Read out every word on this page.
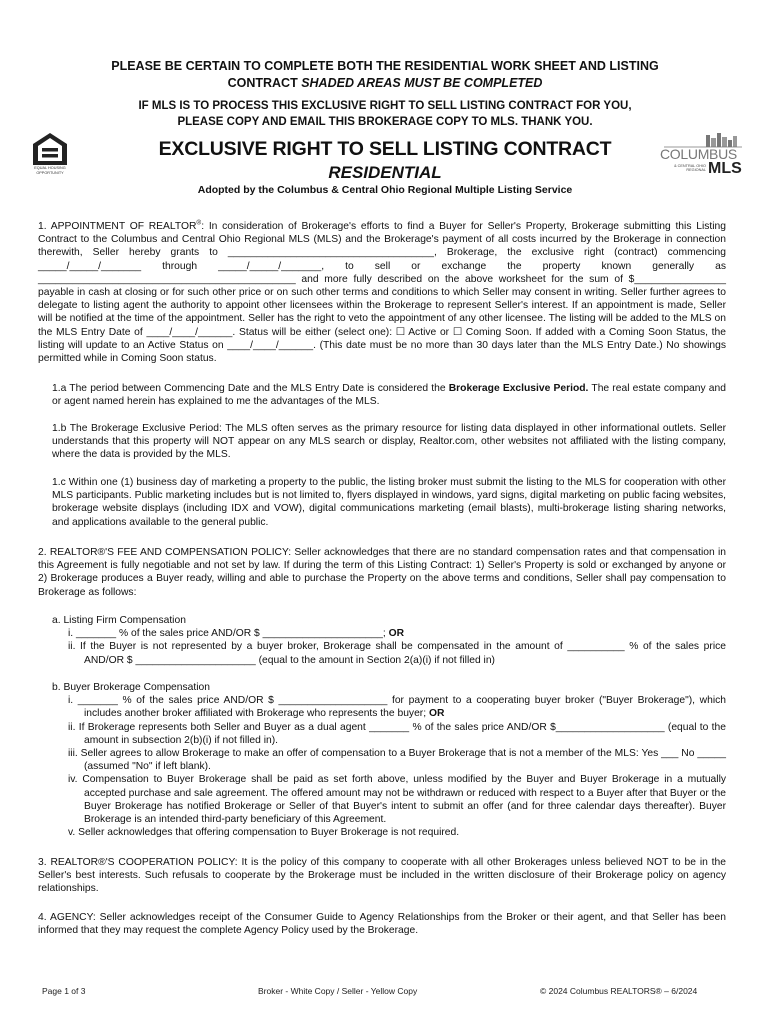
PLEASE BE CERTAIN TO COMPLETE BOTH THE RESIDENTIAL WORK SHEET AND LISTING
CONTRACT SHADED AREAS MUST BE COMPLETED
IF MLS IS TO PROCESS THIS EXCLUSIVE RIGHT TO SELL LISTING CONTRACT FOR YOU,
PLEASE COPY AND EMAIL THIS BROKERAGE COPY TO MLS. THANK YOU.
EQUAL HOUSING
OPPORTUNITY
EXCLUSIVE RIGHT TO SELL LISTING CONTRACT
RESIDENTIAL
COLUMBUS
& CENTRAL OHIO REGIONAL MLS
Adopted by the Columbus & Central Ohio Regional Multiple Listing Service

1. APPOINTMENT OF REALTOR®: In consideration of Brokerage's efforts to find a Buyer for Seller's Property, Brokerage submitting this Listing Contract to the Columbus and Central Ohio Regional MLS (MLS) and the Brokerage's payment of all costs incurred by the Brokerage in connection therewith, Seller hereby grants to ____________________________________, Brokerage, the exclusive right (contract) commencing _____/_____/_______ through _____/_____/_______, to sell or exchange the property known generally as _____________________________________________ and more fully described on the above worksheet for the sum of $________________ payable in cash at closing or for such other price or on such other terms and conditions to which Seller may consent in writing. Seller further agrees to delegate to listing agent the authority to appoint other licensees within the Brokerage to represent Seller's interest. If an appointment is made, Seller will be notified at the time of the appointment. Seller has the right to veto the appointment of any other licensee. The listing will be added to the MLS on the MLS Entry Date of ____/____/______. Status will be either (select one): ☐ Active or ☐ Coming Soon. If added with a Coming Soon Status, the listing will update to an Active Status on ____/____/______. (This date must be no more than 30 days later than the MLS Entry Date.) No showings permitted while in Coming Soon status.

1.a The period between Commencing Date and the MLS Entry Date is considered the Brokerage Exclusive Period. The real estate company and or agent named herein has explained to me the advantages of the MLS.

1.b The Brokerage Exclusive Period: The MLS often serves as the primary resource for listing data displayed in other informational outlets. Seller understands that this property will NOT appear on any MLS search or display, Realtor.com, other websites not affiliated with the listing company, where the data is provided by the MLS.

1.c Within one (1) business day of marketing a property to the public, the listing broker must submit the listing to the MLS for cooperation with other MLS participants. Public marketing includes but is not limited to, flyers displayed in windows, yard signs, digital marketing on public facing websites, brokerage website displays (including IDX and VOW), digital communications marketing (email blasts), multi-brokerage listing sharing networks, and applications available to the general public.

2. REALTOR®'S FEE AND COMPENSATION POLICY: Seller acknowledges that there are no standard compensation rates and that compensation in this Agreement is fully negotiable and not set by law. If during the term of this Listing Contract: 1) Seller's Property is sold or exchanged by anyone or 2) Brokerage produces a Buyer ready, willing and able to purchase the Property on the above terms and conditions, Seller shall pay compensation to Brokerage as follows:

a. Listing Firm Compensation

i. _______ % of the sales price AND/OR $ _____________________; OR

ii. If the Buyer is not represented by a buyer broker, Brokerage shall be compensated in the amount of __________ % of the sales price AND/OR $ _____________________ (equal to the amount in Section 2(a)(i) if not filled in)

b. Buyer Brokerage Compensation

i. _______ % of the sales price AND/OR $ ___________________ for payment to a cooperating buyer broker ("Buyer Brokerage"), which includes another broker affiliated with Brokerage who represents the buyer; OR

ii. If Brokerage represents both Seller and Buyer as a dual agent _______ % of the sales price AND/OR $___________________ (equal to the amount in subsection 2(b)(i) if not filled in).

iii. Seller agrees to allow Brokerage to make an offer of compensation to a Buyer Brokerage that is not a member of the MLS: Yes ___ No _____ (assumed "No" if left blank).

iv. Compensation to Buyer Brokerage shall be paid as set forth above, unless modified by the Buyer and Buyer Brokerage in a mutually accepted purchase and sale agreement. The offered amount may not be withdrawn or reduced with respect to a Buyer after that Buyer or the Buyer Brokerage has notified Brokerage or Seller of that Buyer's intent to submit an offer (and for three calendar days thereafter). Buyer Brokerage is an intended third-party beneficiary of this Agreement.

v. Seller acknowledges that offering compensation to Buyer Brokerage is not required.

3. REALTOR®'S COOPERATION POLICY: It is the policy of this company to cooperate with all other Brokerages unless believed NOT to be in the Seller's best interests. Such refusals to cooperate by the Brokerage must be included in the written disclosure of their Brokerage policy on agency relationships.

4. AGENCY: Seller acknowledges receipt of the Consumer Guide to Agency Relationships from the Broker or their agent, and that Seller has been informed that they may request the complete Agency Policy used by the Brokerage.

Page 1 of 3	Broker - White Copy / Seller - Yellow Copy	© 2024 Columbus REALTORS® – 6/2024
